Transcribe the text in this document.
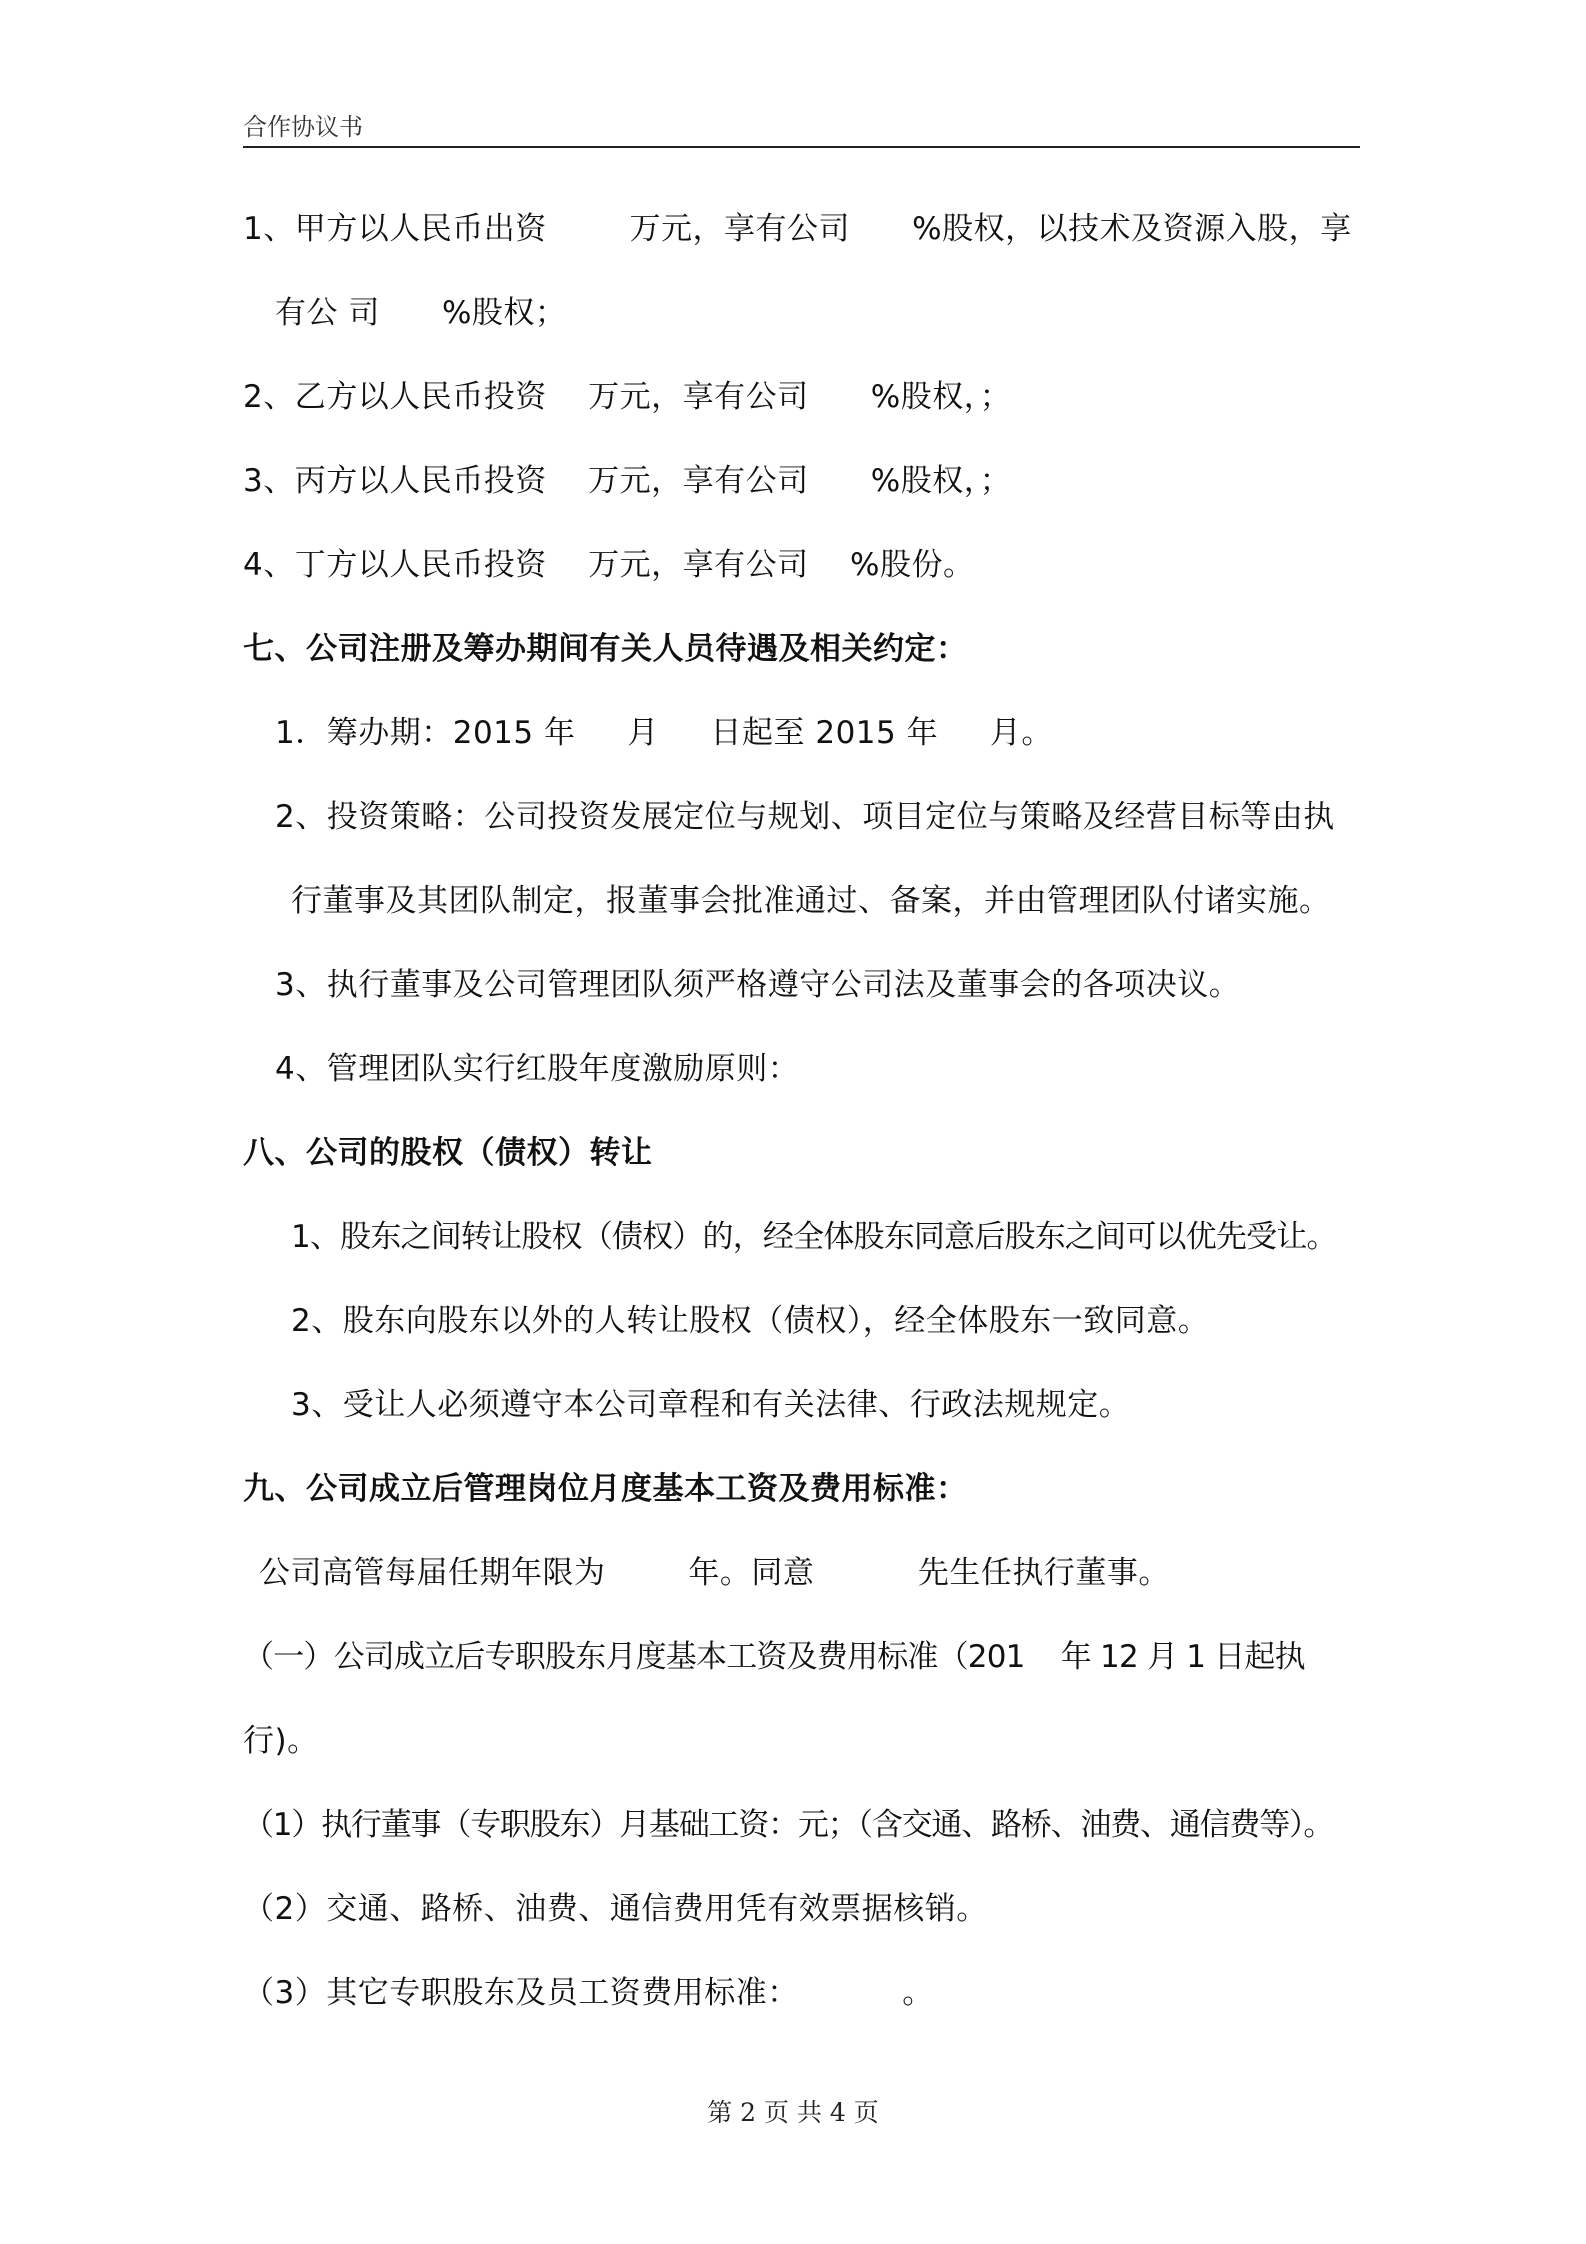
合作协议书
1、甲方以人民币出资        万元，享有公司      %股权，以技术及资源入股，享
有公 司      %股权；
2、乙方以人民币投资    万元，享有公司      %股权，；
3、丙方以人民币投资    万元，享有公司      %股权，；
4、丁方以人民币投资    万元，享有公司    %股份。
七、公司注册及筹办期间有关人员待遇及相关约定：
1．筹办期：2015 年     月     日起至 2015 年     月。
2、投资策略：公司投资发展定位与规划、项目定位与策略及经营目标等由执
行董事及其团队制定，报董事会批准通过、备案，并由管理团队付诸实施。
3、执行董事及公司管理团队须严格遵守公司法及董事会的各项决议。
4、管理团队实行红股年度激励原则：
八、公司的股权（债权）转让
1、股东之间转让股权（债权）的，经全体股东同意后股东之间可以优先受让。
2、股东向股东以外的人转让股权（债权），经全体股东一致同意。
3、受让人必须遵守本公司章程和有关法律、行政法规规定。
九、公司成立后管理岗位月度基本工资及费用标准：
公司高管每届任期年限为        年。同意          先生任执行董事。
（一）公司成立后专职股东月度基本工资及费用标准（201    年 12 月 1 日起执
行)。
（1）执行董事（专职股东）月基础工资：元；（含交通、路桥、油费、通信费等）。
（2）交通、路桥、油费、通信费用凭有效票据核销。
（3）其它专职股东及员工资费用标准：          。
第 2 页 共 4 页
